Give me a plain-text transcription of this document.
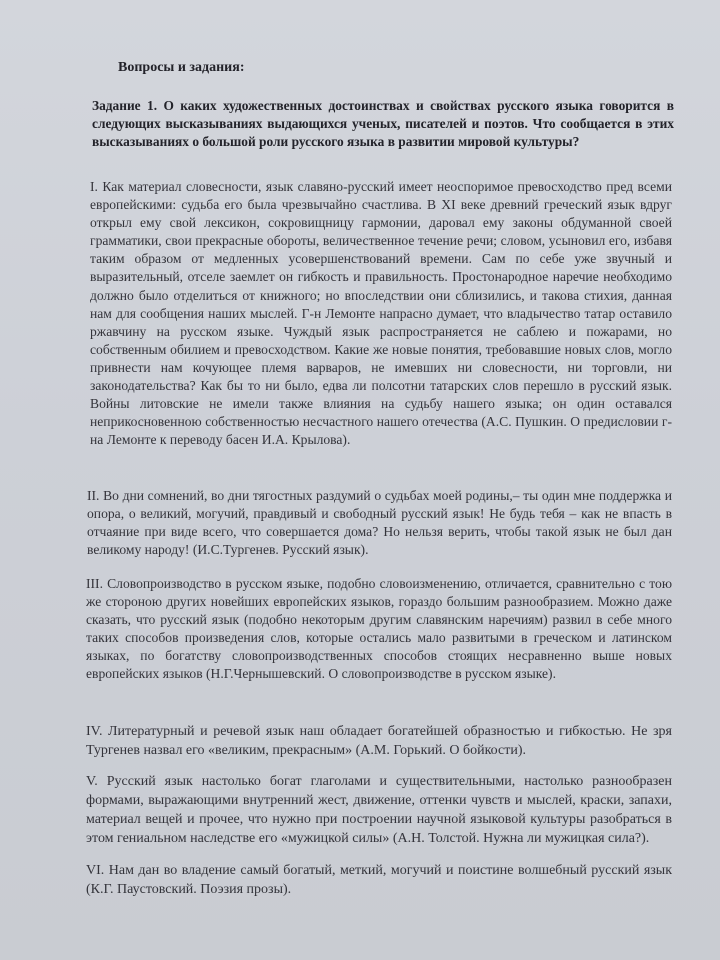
Вопросы и задания:
Задание 1. О каких художественных достоинствах и свойствах русского языка говорится в следующих высказываниях выдающихся ученых, писателей и поэтов. Что сообщается в этих высказываниях о большой роли русского языка в развитии мировой культуры?
I. Как материал словесности, язык славяно-русский имеет неоспоримое превосходство пред всеми европейскими: судьба его была чрезвычайно счастлива. В XI веке древний греческий язык вдруг открыл ему свой лексикон, сокровищницу гармонии, даровал ему законы обдуманной своей грамматики, свои прекрасные обороты, величественное течение речи; словом, усыновил его, избавя таким образом от медленных усовершенствований времени. Сам по себе уже звучный и выразительный, отселе заемлет он гибкость и правильность. Простонародное наречие необходимо должно было отделиться от книжного; но впоследствии они сблизились, и такова стихия, данная нам для сообщения наших мыслей. Г-н Лемонте напрасно думает, что владычество татар оставило ржавчину на русском языке. Чуждый язык распространяется не саблею и пожарами, но собственным обилием и превосходством. Какие же новые понятия, требовавшие новых слов, могло привнести нам кочующее племя варваров, не имевших ни словесности, ни торговли, ни законодательства? Как бы то ни было, едва ли полсотни татарских слов перешло в русский язык. Войны литовские не имели также влияния на судьбу нашего языка; он один оставался неприкосновенною собственностью несчастного нашего отечества (А.С. Пушкин. О предисловии г-на Лемонте к переводу басен И.А. Крылова).
II. Во дни сомнений, во дни тягостных раздумий о судьбах моей родины,– ты один мне поддержка и опора, о великий, могучий, правдивый и свободный русский язык! Не будь тебя – как не впасть в отчаяние при виде всего, что совершается дома? Но нельзя верить, чтобы такой язык не был дан великому народу! (И.С.Тургенев. Русский язык).
III. Словопроизводство в русском языке, подобно словоизменению, отличается, сравнительно с тою же стороною других новейших европейских языков, гораздо большим разнообразием. Можно даже сказать, что русский язык (подобно некоторым другим славянским наречиям) развил в себе много таких способов произведения слов, которые остались мало развитыми в греческом и латинском языках, по богатству словопроизводственных способов стоящих несравненно выше новых европейских языков (Н.Г.Чернышевский. О словопроизводстве в русском языке).
IV. Литературный и речевой язык наш обладает богатейшей образностью и гибкостью. Не зря Тургенев назвал его «великим, прекрасным» (А.М. Горький. О бойкости).
V. Русский язык настолько богат глаголами и существительными, настолько разнообразен формами, выражающими внутренний жест, движение, оттенки чувств и мыслей, краски, запахи, материал вещей и прочее, что нужно при построении научной языковой культуры разобраться в этом гениальном наследстве его «мужицкой силы» (А.Н. Толстой. Нужна ли мужицкая сила?).
VI. Нам дан во владение самый богатый, меткий, могучий и поистине волшебный русский язык (К.Г. Паустовский. Поэзия прозы).
